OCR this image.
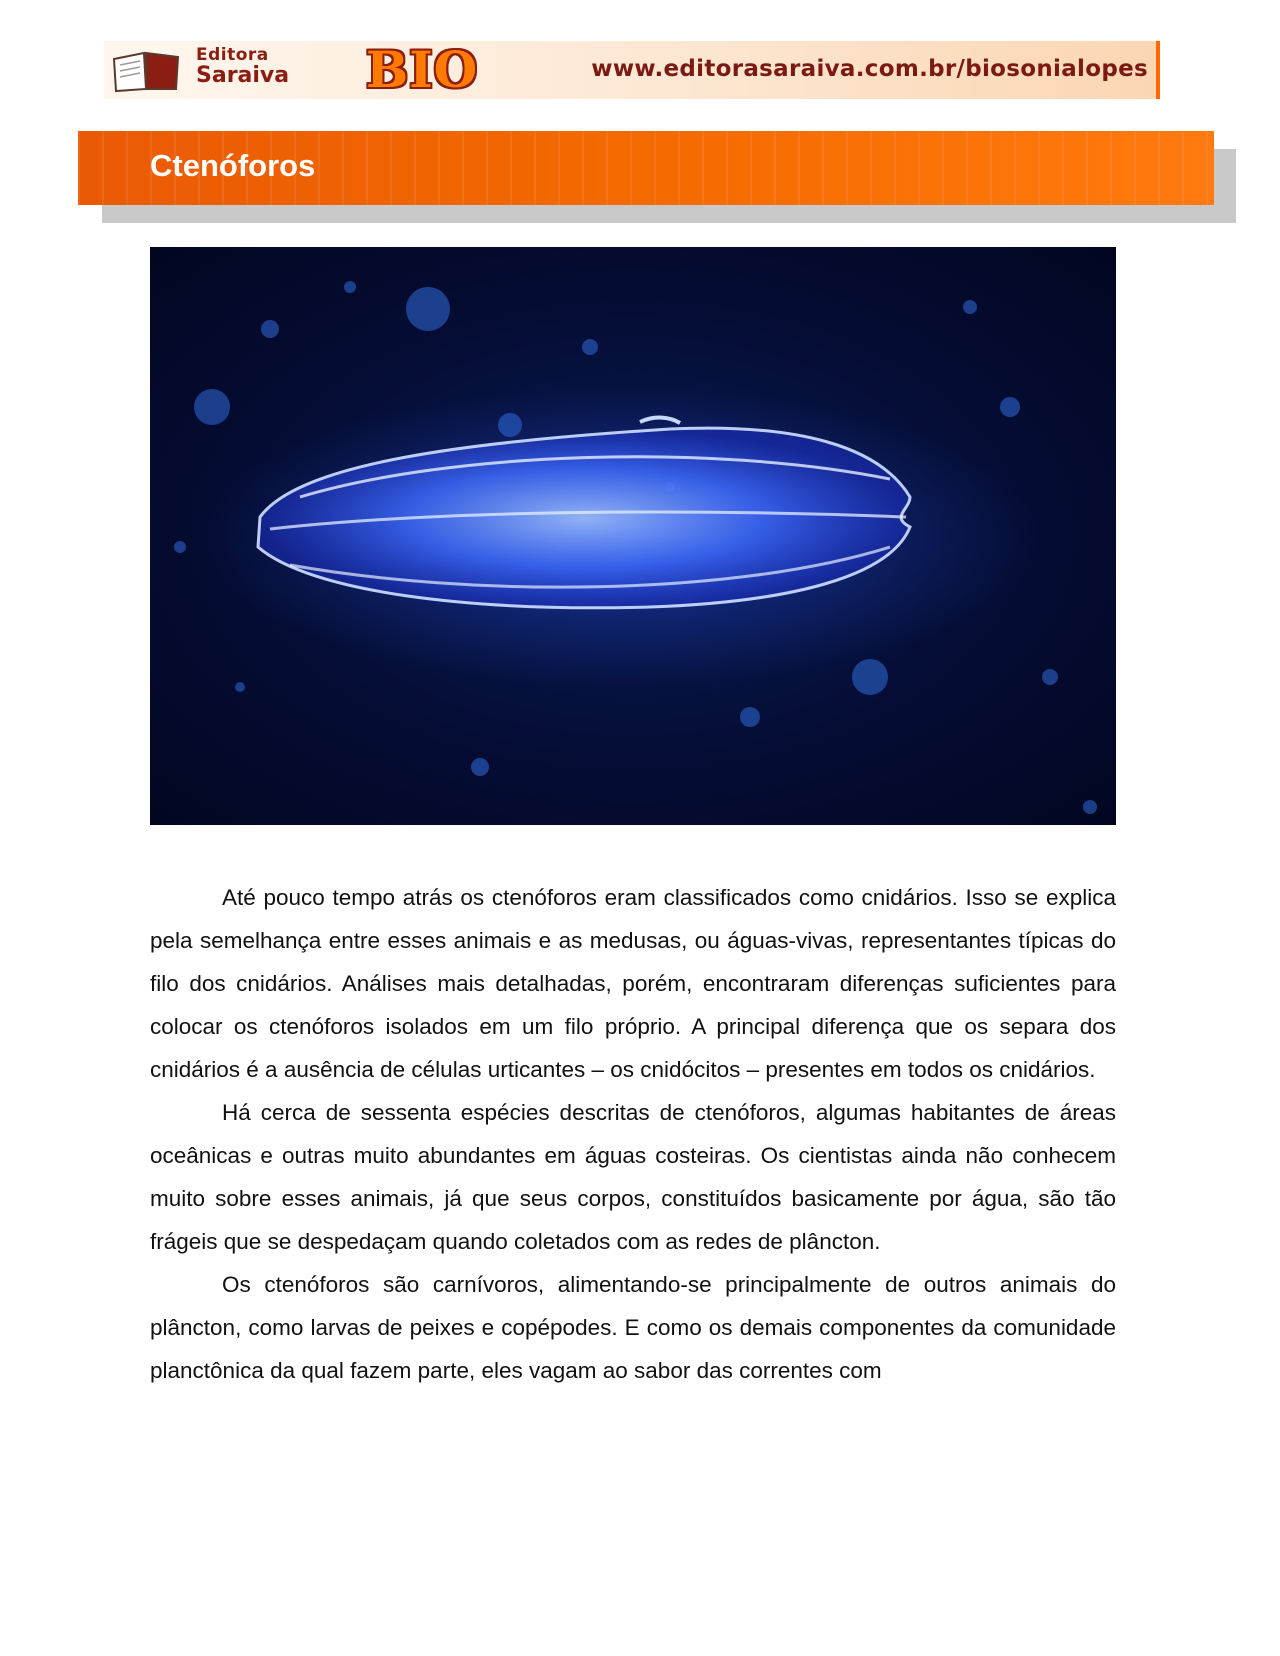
Editora
Saraiva BIO	www.editorasaraiva.com.br/biosonialopes
Ctenóforos

Até pouco tempo atrás os ctenóforos eram classificados como cnidários. Isso se explica pela semelhança entre esses animais e as medusas, ou águas-vivas, representantes típicas do filo dos cnidários. Análises mais detalhadas, porém, encontraram diferenças suficientes para colocar os ctenóforos isolados em um filo próprio. A principal diferença que os separa dos cnidários é a ausência de células urticantes – os cnidócitos – presentes em todos os cnidários.

Há cerca de sessenta espécies descritas de ctenóforos, algumas habitantes de áreas oceânicas e outras muito abundantes em águas costeiras. Os cientistas ainda não conhecem muito sobre esses animais, já que seus corpos, constituídos basicamente por água, são tão frágeis que se despedaçam quando coletados com as redes de plâncton.

Os ctenóforos são carnívoros, alimentando-se principalmente de outros animais do plâncton, como larvas de peixes e copépodes. E como os demais componentes da comunidade planctônica da qual fazem parte, eles vagam ao sabor das correntes com
